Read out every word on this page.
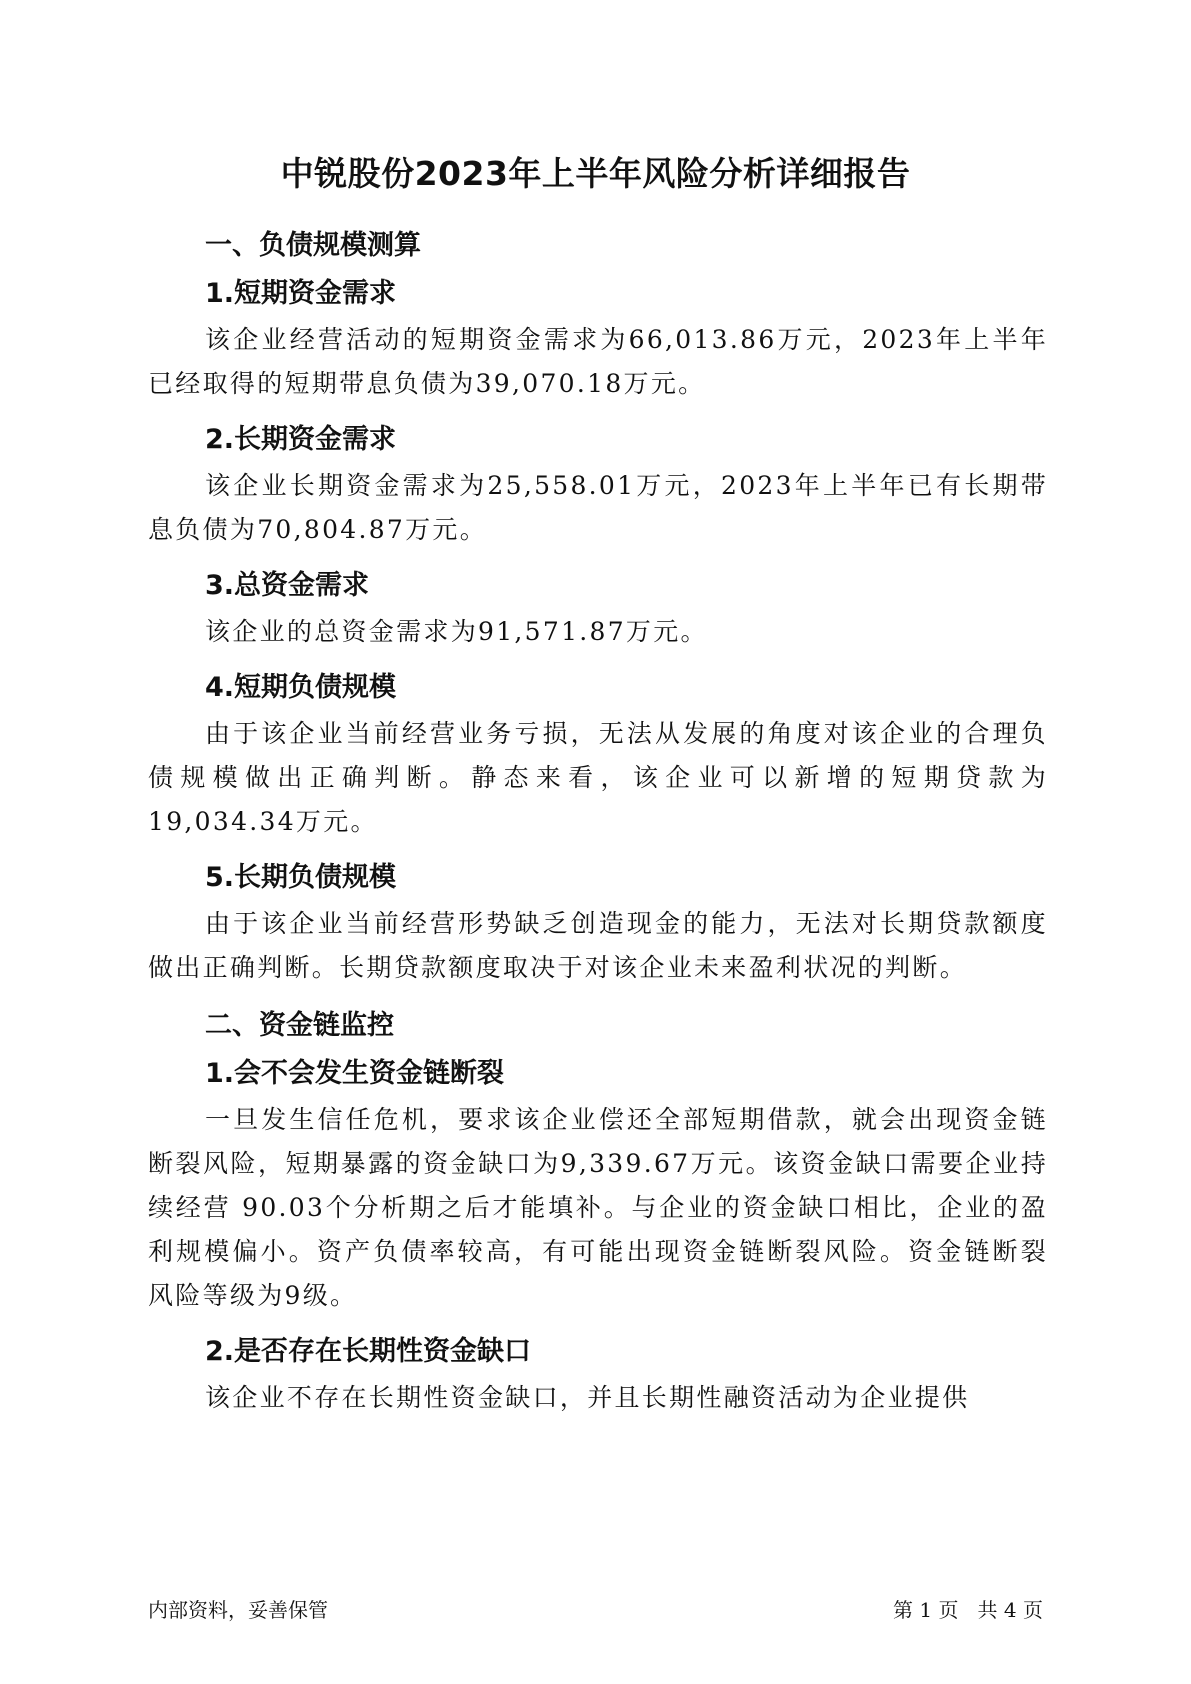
中锐股份2023年上半年风险分析详细报告
一、负债规模测算
1.短期资金需求

该企业经营活动的短期资金需求为66,013.86万元，2023年上半年已经取得的短期带息负债为39,070.18万元。

2.长期资金需求

该企业长期资金需求为25,558.01万元，2023年上半年已有长期带息负债为70,804.87万元。

3.总资金需求

该企业的总资金需求为91,571.87万元。

4.短期负债规模

由于该企业当前经营业务亏损，无法从发展的角度对该企业的合理负债规模做出正确判断。静态来看，该企业可以新增的短期贷款为19,034.34万元。

5.长期负债规模

由于该企业当前经营形势缺乏创造现金的能力，无法对长期贷款额度做出正确判断。长期贷款额度取决于对该企业未来盈利状况的判断。

二、资金链监控
1.会不会发生资金链断裂

一旦发生信任危机，要求该企业偿还全部短期借款，就会出现资金链断裂风险，短期暴露的资金缺口为9,339.67万元。该资金缺口需要企业持续经营 90.03个分析期之后才能填补。与企业的资金缺口相比，企业的盈利规模偏小。资产负债率较高，有可能出现资金链断裂风险。资金链断裂风险等级为9级。

2.是否存在长期性资金缺口

该企业不存在长期性资金缺口，并且长期性融资活动为企业提供

内部资料，妥善保管	第 1 页   共 4 页
